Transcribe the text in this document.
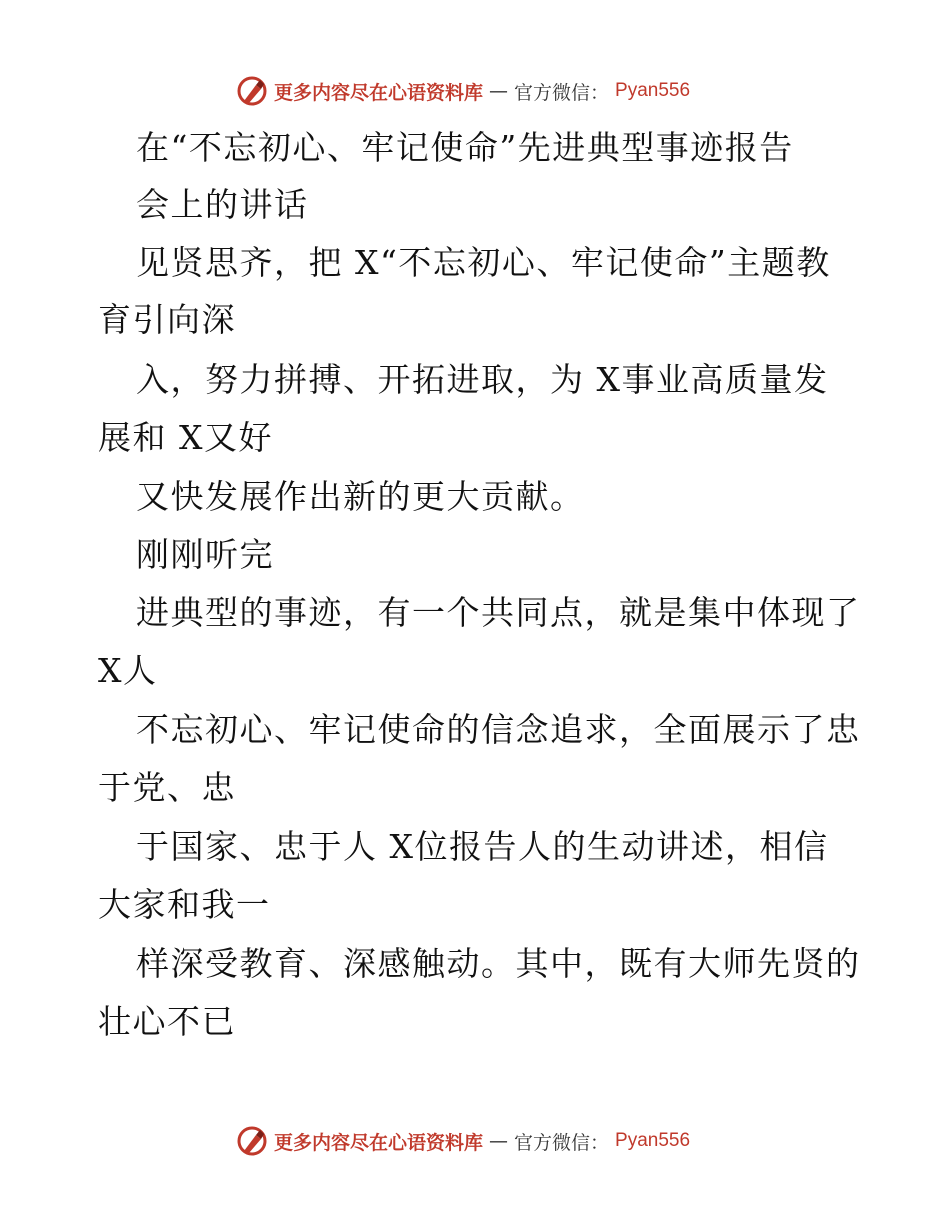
更多内容尽在心语资料库 — 官方微信： Pyan556
在“不忘初心、牢记使命”先进典型事迹报告
会上的讲话
见贤思齐，把 X“不忘初心、牢记使命”主题教
育引向深
入，努力拼搏、开拓进取，为 X事业高质量发
展和 X又好
又快发展作出新的更大贡献。
刚刚听完
进典型的事迹，有一个共同点，就是集中体现了
X人
不忘初心、牢记使命的信念追求，全面展示了忠
于党、忠
于国家、忠于人 X位报告人的生动讲述，相信
大家和我一
样深受教育、深感触动。其中，既有大师先贤的
壮心不已
更多内容尽在心语资料库 — 官方微信： Pyan556
